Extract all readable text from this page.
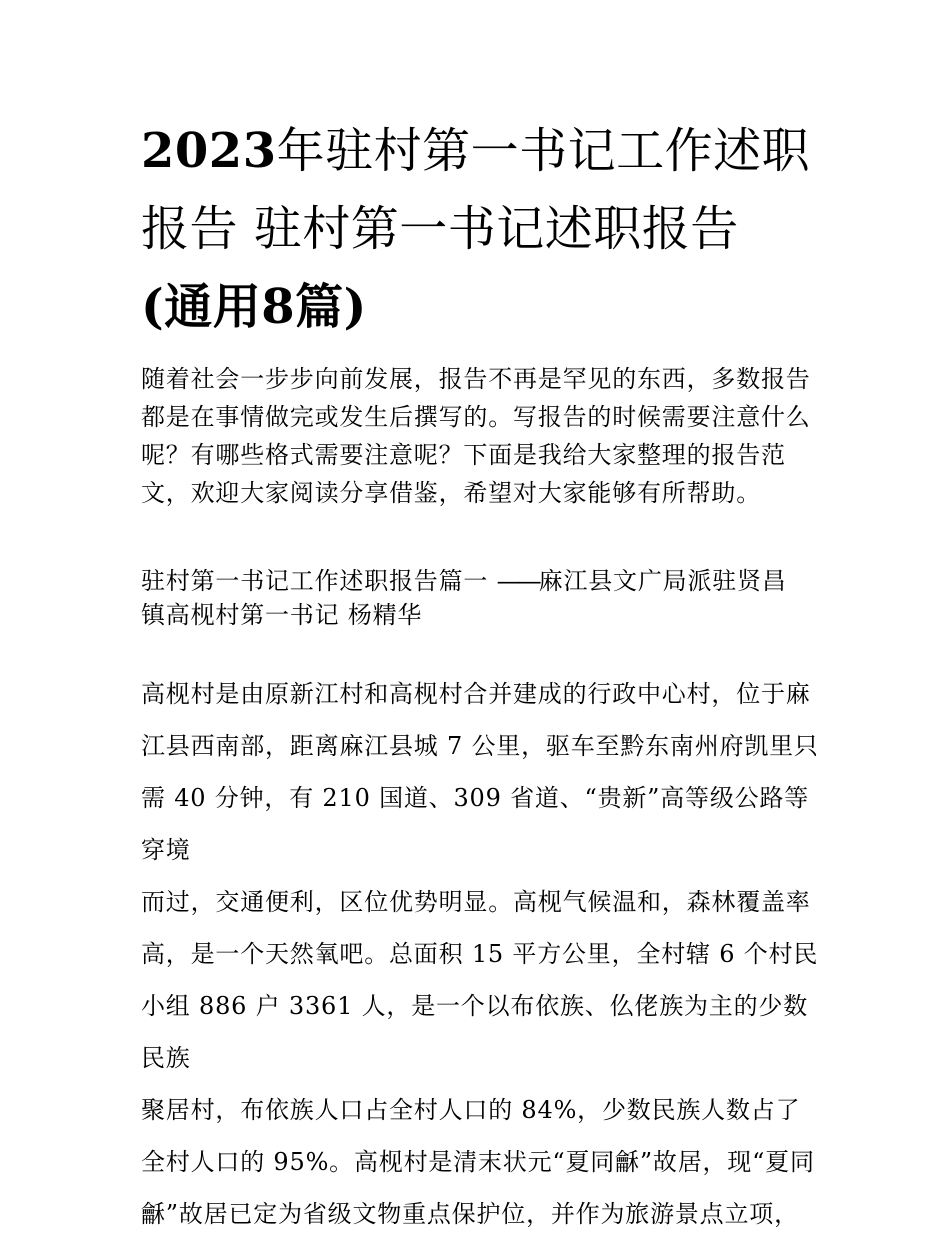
2023年驻村第一书记工作述职
报告 驻村第一书记述职报告
(通用8篇)

随着社会一步步向前发展，报告不再是罕见的东西，多数报告
都是在事情做完或发生后撰写的。写报告的时候需要注意什么
呢？有哪些格式需要注意呢？下面是我给大家整理的报告范
文，欢迎大家阅读分享借鉴，希望对大家能够有所帮助。

驻村第一书记工作述职报告篇一 ——麻江县文广局派驻贤昌
镇高枧村第一书记 杨精华

高枧村是由原新江村和高枧村合并建成的行政中心村，位于麻
江县西南部，距离麻江县城 7 公里，驱车至黔东南州府凯里只
需 40 分钟，有 210 国道、309 省道、“贵新”高等级公路等穿境
而过，交通便利，区位优势明显。高枧气候温和，森林覆盖率
高，是一个天然氧吧。总面积 15 平方公里，全村辖 6 个村民
小组 886 户 3361 人，是一个以布依族、仫佬族为主的少数民族
聚居村，布依族人口占全村人口的 84%，少数民族人数占了
全村人口的 95%。高枧村是清末状元“夏同龢”故居，现“夏同
龢”故居已定为省级文物重点保护位，并作为旅游景点立项，
